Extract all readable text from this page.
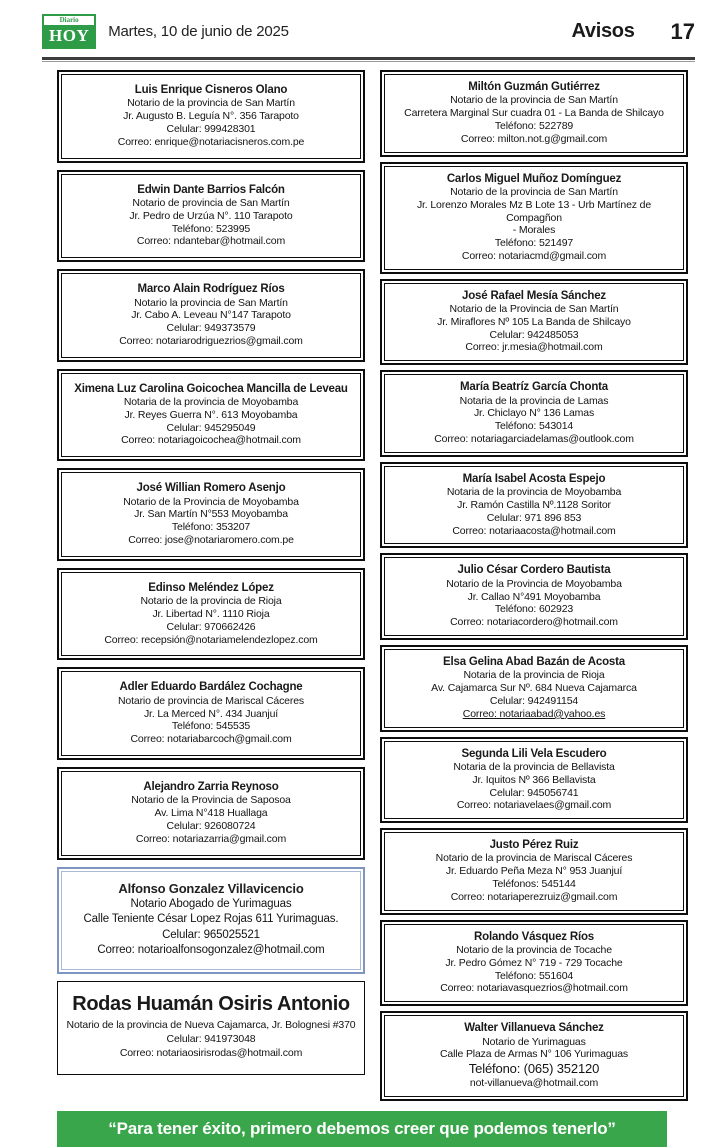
Diario
HOY	Martes, 10 de junio de 2025	Avisos 17
Luis Enrique Cisneros Olano
Notario de la provincia de San Martín
Jr. Augusto B. Leguía N°. 356 Tarapoto
Celular: 999428301
Correo: enrique@notariacisneros.com.pe
Edwin Dante Barrios Falcón
Notario de provincia de San Martín
Jr. Pedro de Urzúa N°. 110 Tarapoto
Teléfono: 523995
Correo: ndantebar@hotmail.com
Marco Alain Rodríguez Ríos
Notario la provincia de San Martín
Jr. Cabo A. Leveau N°147 Tarapoto
Celular: 949373579
Correo: notariarodriguezrios@gmail.com
Ximena Luz Carolina Goicochea Mancilla de Leveau
Notaria de la provincia de Moyobamba
Jr. Reyes Guerra N°. 613 Moyobamba
Celular: 945295049
Correo: notariagoicochea@hotmail.com
José Willian Romero Asenjo
Notario de la Provincia de Moyobamba
Jr. San Martín N°553 Moyobamba
Teléfono: 353207
Correo: jose@notariaromero.com.pe
Edinso Meléndez López
Notario de la provincia de Rioja
Jr. Libertad N°. 1110 Rioja
Celular: 970662426
Correo: recepsión@notariamelendezlopez.com
Adler Eduardo Bardález Cochagne
Notario de provincia de Mariscal Cáceres
Jr. La Merced N°. 434 Juanjuí
Teléfono: 545535
Correo: notariabarcoch@gmail.com
Alejandro Zarria Reynoso
Notario de la Provincia de Saposoa
Av. Lima N°418 Huallaga
Celular: 926080724
Correo: notariazarria@gmail.com
Alfonso Gonzalez Villavicencio
Notario Abogado de Yurimaguas
Calle Teniente César Lopez Rojas 611 Yurimaguas.
Celular: 965025521
Correo: notarioalfonsogonzalez@hotmail.com
Rodas Huamán Osiris Antonio
Notario de la provincia de Nueva Cajamarca, Jr. Bolognesi #370
Celular: 941973048
Correo: notariaosirisrodas@hotmail.com
Miltón Guzmán Gutiérrez
Notario de la provincia de San Martín
Carretera Marginal Sur cuadra 01 - La Banda de Shilcayo
Teléfono: 522789
Correo: milton.not.g@gmail.com
Carlos Miguel Muñoz Domínguez
Notario de la provincia de San Martín
Jr. Lorenzo Morales Mz B Lote 13 - Urb Martínez de Compagñon
- Morales
Teléfono: 521497
Correo: notariacmd@gmail.com
José Rafael Mesía Sánchez
Notario de la Provincia de San Martín
Jr. Miraflores Nº 105 La Banda de Shilcayo
Celular: 942485053
Correo: jr.mesia@hotmail.com
María Beatríz García Chonta
Notaria de la provincia de Lamas
Jr. Chiclayo N° 136 Lamas
Teléfono: 543014
Correo: notariagarciadelamas@outlook.com
María Isabel Acosta Espejo
Notaria de la provincia de Moyobamba
Jr. Ramón Castilla Nº.1128 Soritor
Celular: 971 896 853
Correo: notariaacosta@hotmail.com
Julio César Cordero Bautista
Notario de la Provincia de Moyobamba
Jr. Callao N°491 Moyobamba
Teléfono: 602923
Correo: notariacordero@hotmail.com
Elsa Gelina Abad Bazán de Acosta
Notaria de la provincia de Rioja
Av. Cajamarca Sur Nº. 684 Nueva Cajamarca
Celular: 942491154
Correo: notariaabad@yahoo.es
Segunda Lili Vela Escudero
Notaria de la provincia de Bellavista
Jr. Iquitos Nº 366 Bellavista
Celular: 945056741
Correo: notariavelaes@gmail.com
Justo Pérez Ruiz
Notario de la provincia de Mariscal Cáceres
Jr. Eduardo Peña Meza N° 953 Juanjuí
Teléfonos: 545144
Correo: notariaperezruiz@gmail.com
Rolando Vásquez Ríos
Notario de la provincia de Tocache
Jr. Pedro Gómez N° 719 - 729 Tocache
Teléfono: 551604
Correo: notariavasquezrios@hotmail.com
Walter Villanueva Sánchez
Notario de Yurimaguas
Calle Plaza de Armas N° 106 Yurimaguas
Teléfono: (065) 352120
not-villanueva@hotmail.com
“Para tener éxito, primero debemos creer que podemos tenerlo”
